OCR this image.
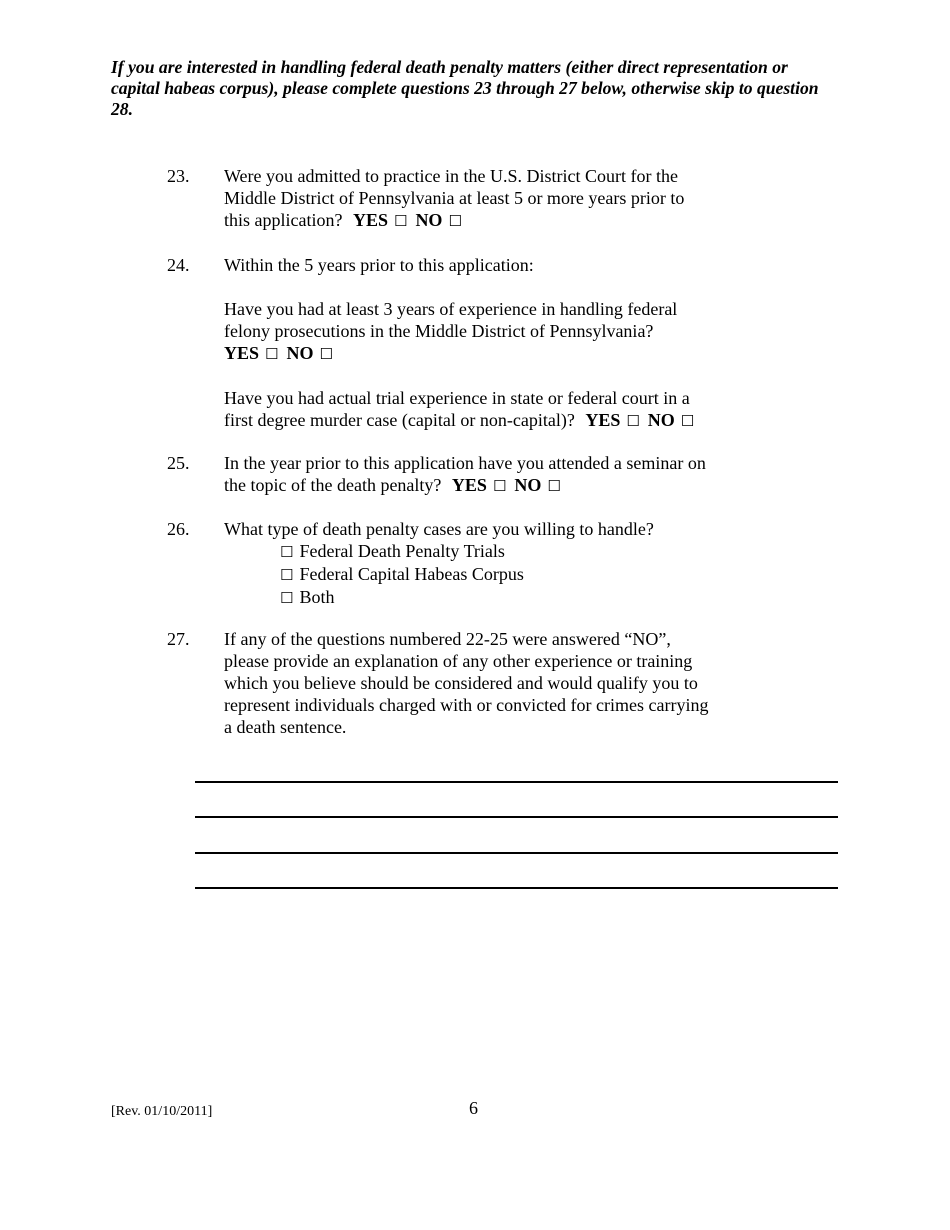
If you are interested in handling federal death penalty matters (either direct representation or capital habeas corpus), please complete questions 23 through 27 below, otherwise skip to question 28.
23.	Were you admitted to practice in the U.S. District Court for the
Middle District of Pennsylvania at least 5 or more years prior to
this application? YES ☐ NO ☐
24.	Within the 5 years prior to this application:
Have you had at least 3 years of experience in handling federal
felony prosecutions in the Middle District of Pennsylvania?
YES ☐ NO ☐
Have you had actual trial experience in state or federal court in a
first degree murder case (capital or non-capital)? YES ☐ NO ☐
25.	In the year prior to this application have you attended a seminar on
the topic of the death penalty? YES ☐ NO ☐
26.	What type of death penalty cases are you willing to handle?
☐ Federal Death Penalty Trials
☐ Federal Capital Habeas Corpus
☐ Both
27.	If any of the questions numbered 22-25 were answered “NO”,
please provide an explanation of any other experience or training
which you believe should be considered and would qualify you to
represent individuals charged with or convicted for crimes carrying
a death sentence.
[Rev. 01/10/2011]	6
